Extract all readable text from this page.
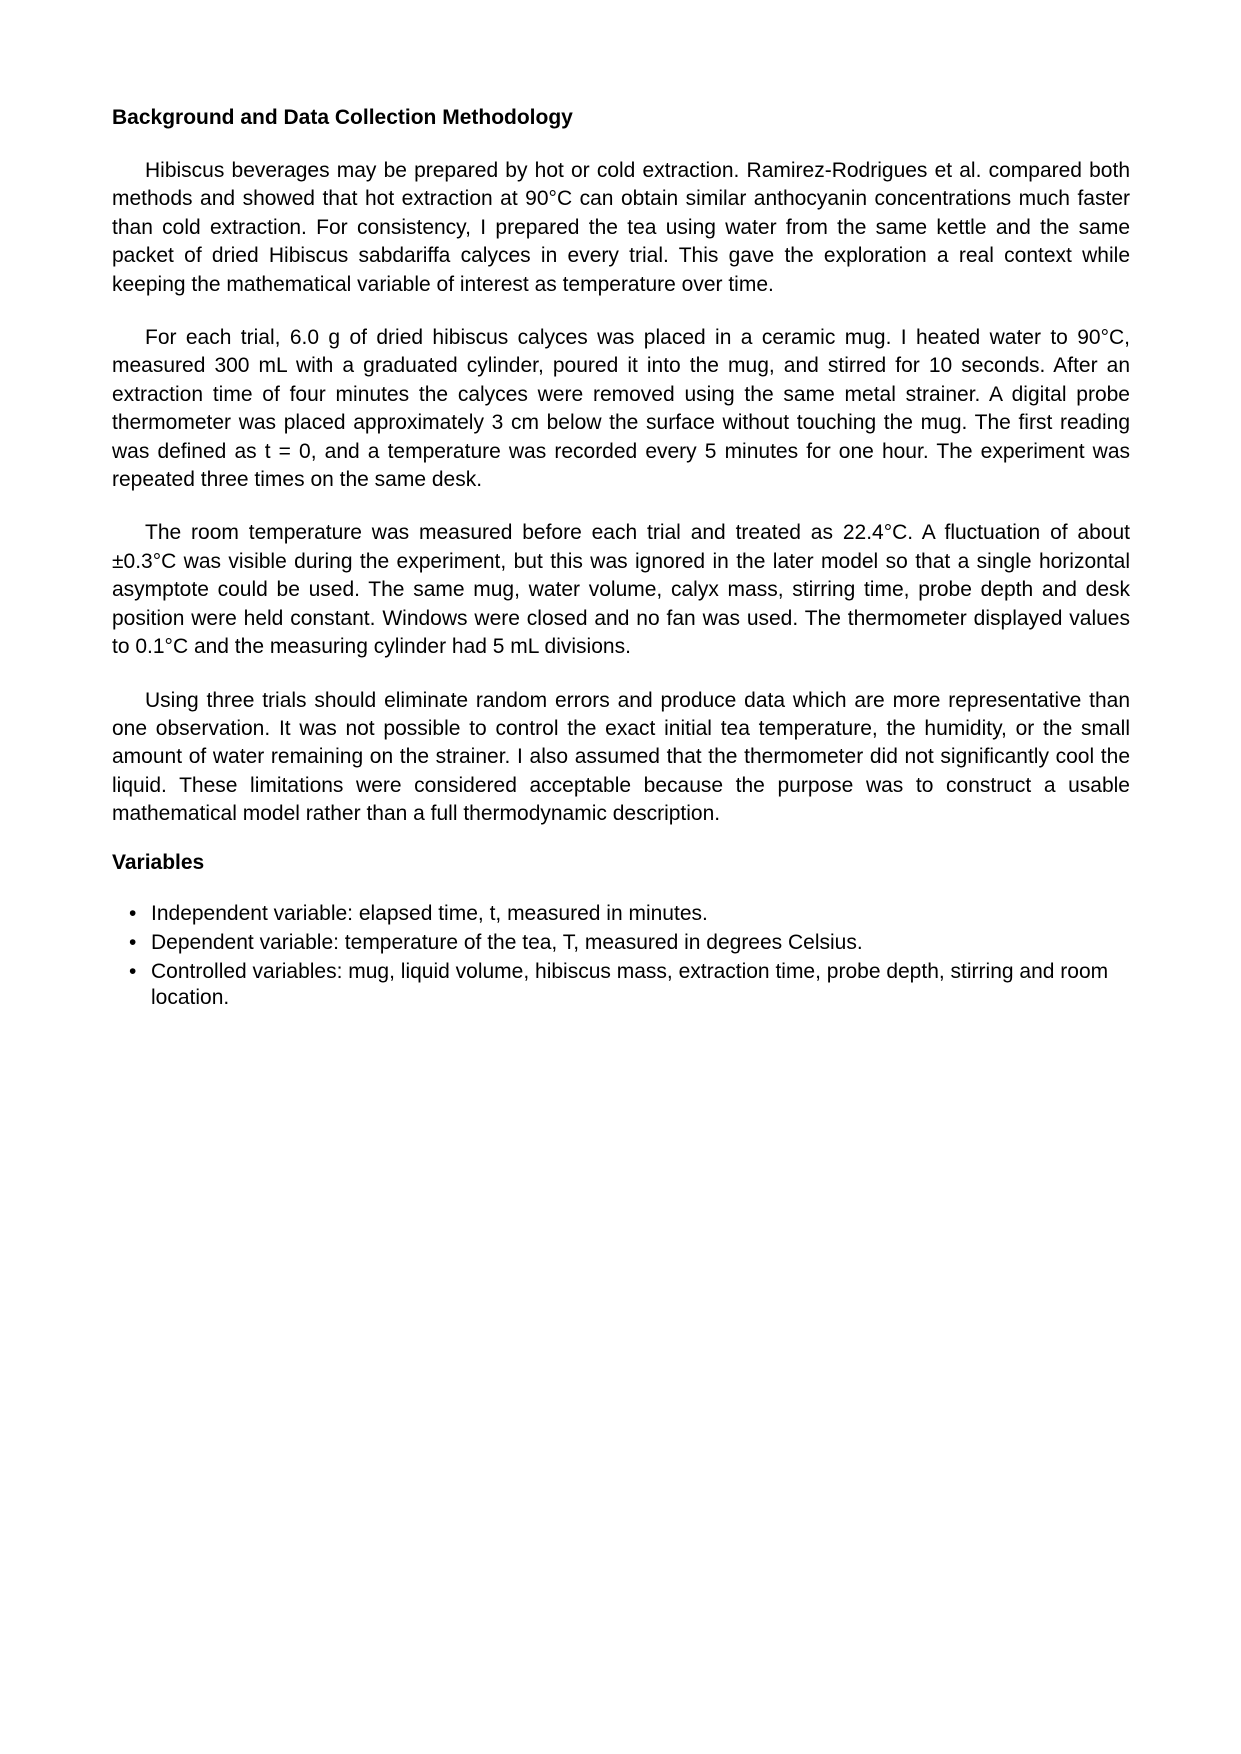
Background and Data Collection Methodology

Hibiscus beverages may be prepared by hot or cold extraction. Ramirez-Rodrigues et al. compared both methods and showed that hot extraction at 90°C can obtain similar anthocyanin concentrations much faster than cold extraction. For consistency, I prepared the tea using water from the same kettle and the same packet of dried Hibiscus sabdariffa calyces in every trial. This gave the exploration a real context while keeping the mathematical variable of interest as temperature over time.

For each trial, 6.0 g of dried hibiscus calyces was placed in a ceramic mug. I heated water to 90°C, measured 300 mL with a graduated cylinder, poured it into the mug, and stirred for 10 seconds. After an extraction time of four minutes the calyces were removed using the same metal strainer. A digital probe thermometer was placed approximately 3 cm below the surface without touching the mug. The first reading was defined as t = 0, and a temperature was recorded every 5 minutes for one hour. The experiment was repeated three times on the same desk.

The room temperature was measured before each trial and treated as 22.4°C. A fluctuation of about ±0.3°C was visible during the experiment, but this was ignored in the later model so that a single horizontal asymptote could be used. The same mug, water volume, calyx mass, stirring time, probe depth and desk position were held constant. Windows were closed and no fan was used. The thermometer displayed values to 0.1°C and the measuring cylinder had 5 mL divisions.

Using three trials should eliminate random errors and produce data which are more representative than one observation. It was not possible to control the exact initial tea temperature, the humidity, or the small amount of water remaining on the strainer. I also assumed that the thermometer did not significantly cool the liquid. These limitations were considered acceptable because the purpose was to construct a usable mathematical model rather than a full thermodynamic description.

Variables
• Independent variable: elapsed time, t, measured in minutes.
• Dependent variable: temperature of the tea, T, measured in degrees Celsius.
• Controlled variables: mug, liquid volume, hibiscus mass, extraction time, probe depth, stirring and room location.
